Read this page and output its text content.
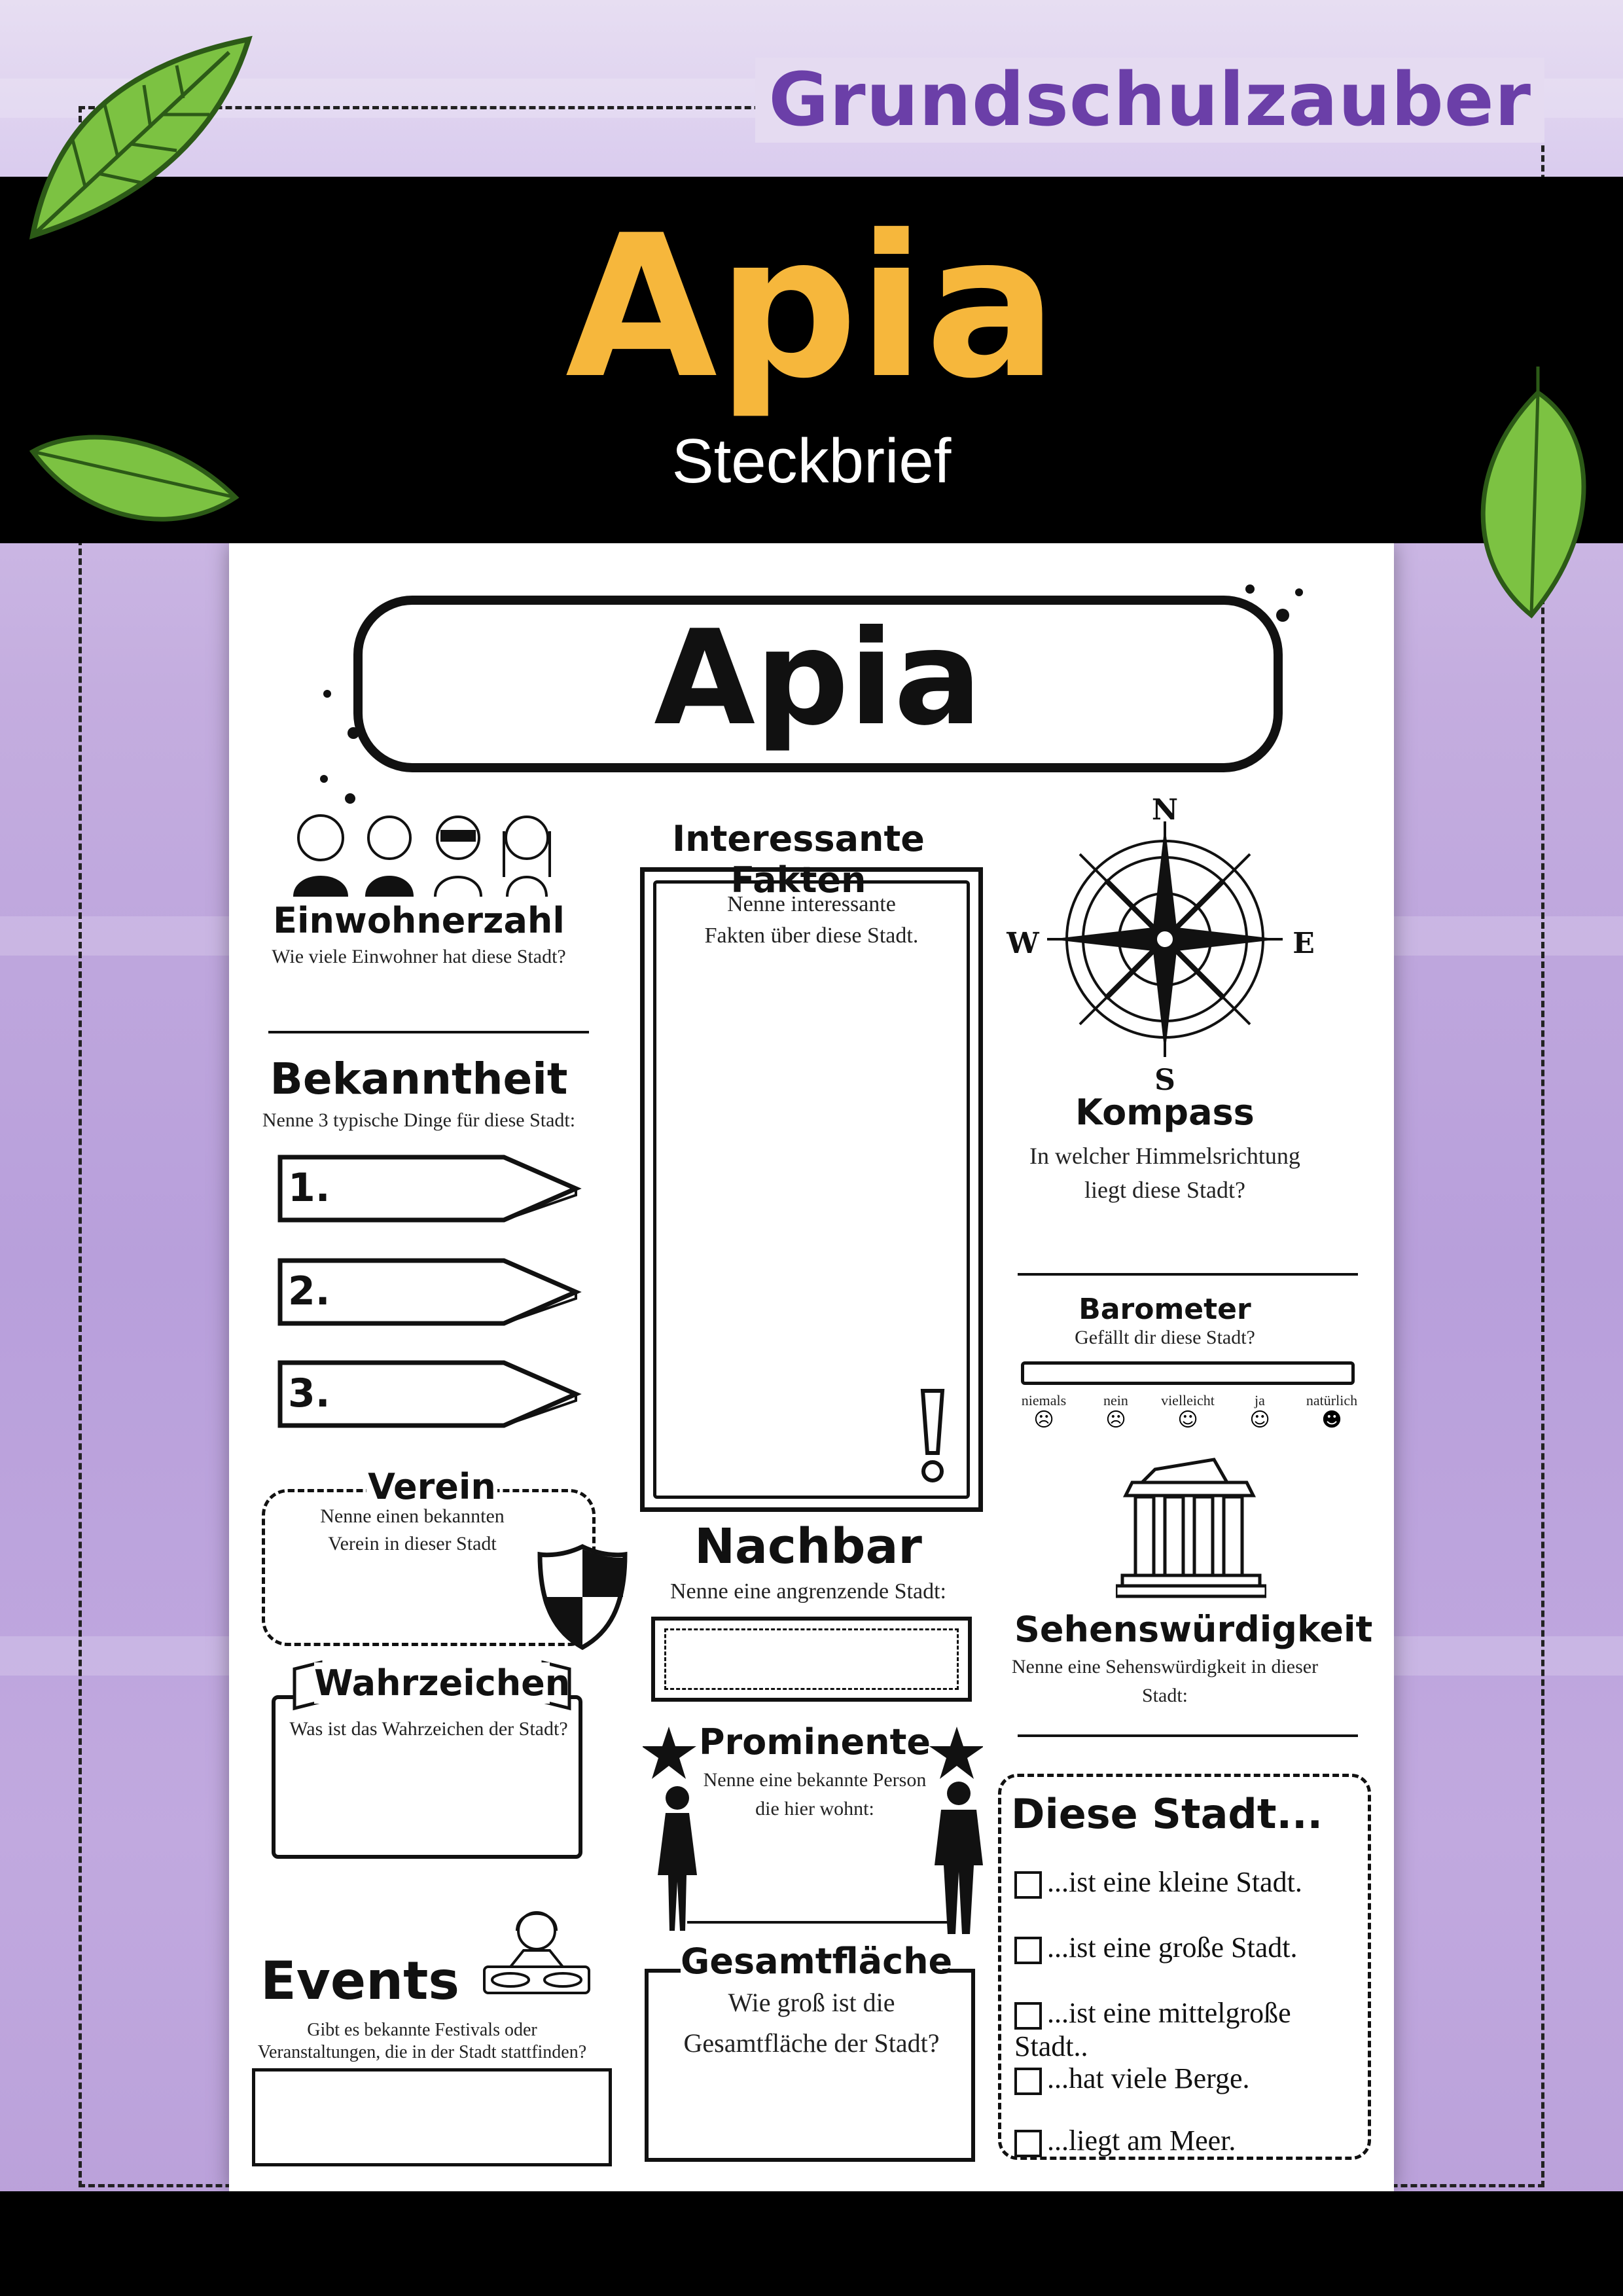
Grundschulzauber
Apia
Steckbrief
Apia
Einwohnerzahl
Wie viele Einwohner hat diese Stadt?
Bekanntheit
Nenne 3 typische Dinge für diese Stadt:
1.
2.
3.
Verein
Nenne einen bekannten
Verein in dieser Stadt
Wahrzeichen
Was ist das Wahrzeichen der Stadt?
Events
Gibt es bekannte Festivals oder
Veranstaltungen, die in der Stadt stattfinden?
Interessante Fakten
Nenne interessante
Fakten über diese Stadt.
Nachbar
Nenne eine angrenzende Stadt:
Prominente
Nenne eine bekannte Person
die hier wohnt:
Gesamtfläche
Wie groß ist die
Gesamtfläche der Stadt?
N
S
E
W
Kompass
In welcher Himmelsrichtung
liegt diese Stadt?
Barometer
Gefällt dir diese Stadt?
niemals
☹
nein
☹
vielleicht
☺
ja
☺
natürlich
☻
Sehenswürdigkeit
Nenne eine Sehenswürdigkeit in dieser Stadt:
Diese Stadt...
...ist eine kleine Stadt.
...ist eine große Stadt.
...ist eine mittelgroße Stadt..
...hat viele Berge.
...liegt am Meer.
